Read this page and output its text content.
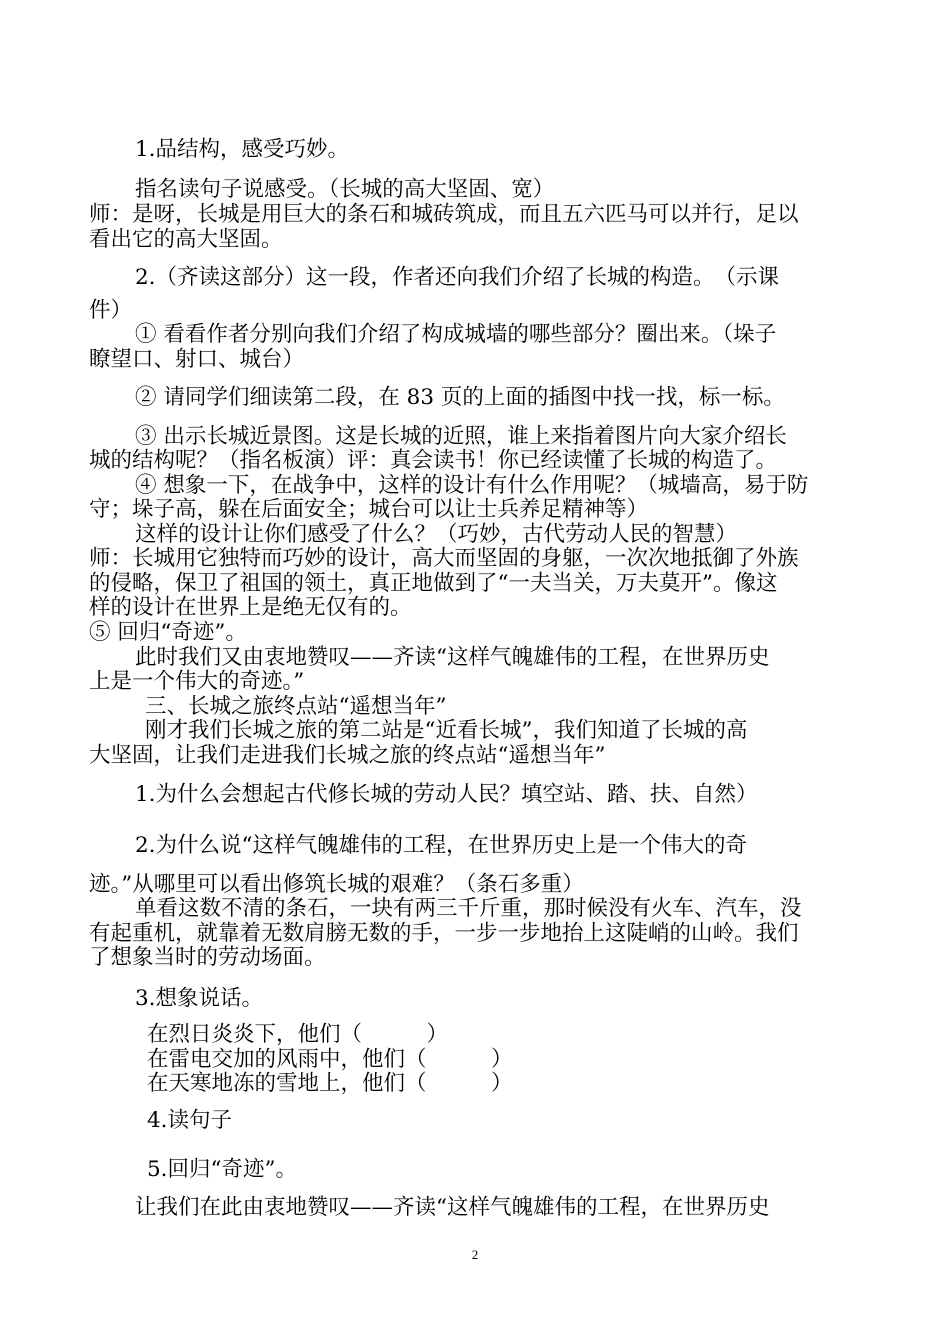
1.品结构，感受巧妙。
指名读句子说感受。（长城的高大坚固、宽）
师：是呀，长城是用巨大的条石和城砖筑成，而且五六匹马可以并行，足以
看出它的高大坚固。
2.（齐读这部分）这一段，作者还向我们介绍了长城的构造。　（示课
件）
① 看看作者分别向我们介绍了构成城墙的哪些部分？圈出来。（垛子
瞭望口、射口、城台）
② 请同学们细读第二段，在 83 页的上面的插图中找一找，标一标。
③ 出示长城近景图。这是长城的近照，谁上来指着图片向大家介绍长
城的结构呢？（指名板演）评：真会读书！你已经读懂了长城的构造了。
④ 想象一下，在战争中，这样的设计有什么作用呢？（城墙高，易于防
守；垛子高，躲在后面安全；城台可以让士兵养足精神等）
这样的设计让你们感受了什么？（巧妙，古代劳动人民的智慧）
师：长城用它独特而巧妙的设计，高大而坚固的身躯，一次次地抵御了外族
的侵略，保卫了祖国的领土，真正地做到了“一夫当关，万夫莫开”。像这
样的设计在世界上是绝无仅有的。
⑤ 回归“奇迹”。
此时我们又由衷地赞叹——齐读“这样气魄雄伟的工程，在世界历史
上是一个伟大的奇迹。”
三、长城之旅终点站“遥想当年”
刚才我们长城之旅的第二站是“近看长城”，我们知道了长城的高
大坚固，让我们走进我们长城之旅的终点站“遥想当年”
1.为什么会想起古代修长城的劳动人民？填空站、踏、扶、自然）
2.为什么说“这样气魄雄伟的工程，在世界历史上是一个伟大的奇
迹。”从哪里可以看出修筑长城的艰难？（条石多重）
单看这数不清的条石，一块有两三千斤重，那时候没有火车、汽车，没
有起重机，就靠着无数肩膀无数的手，一步一步地抬上这陡峭的山岭。我们
了想象当时的劳动场面。
3.想象说话。
在烈日炎炎下，他们（　　　）
在雷电交加的风雨中，他们（　　　）
在天寒地冻的雪地上，他们（　　　）
4.读句子
5.回归“奇迹”。
让我们在此由衷地赞叹——齐读“这样气魄雄伟的工程，在世界历史
2
